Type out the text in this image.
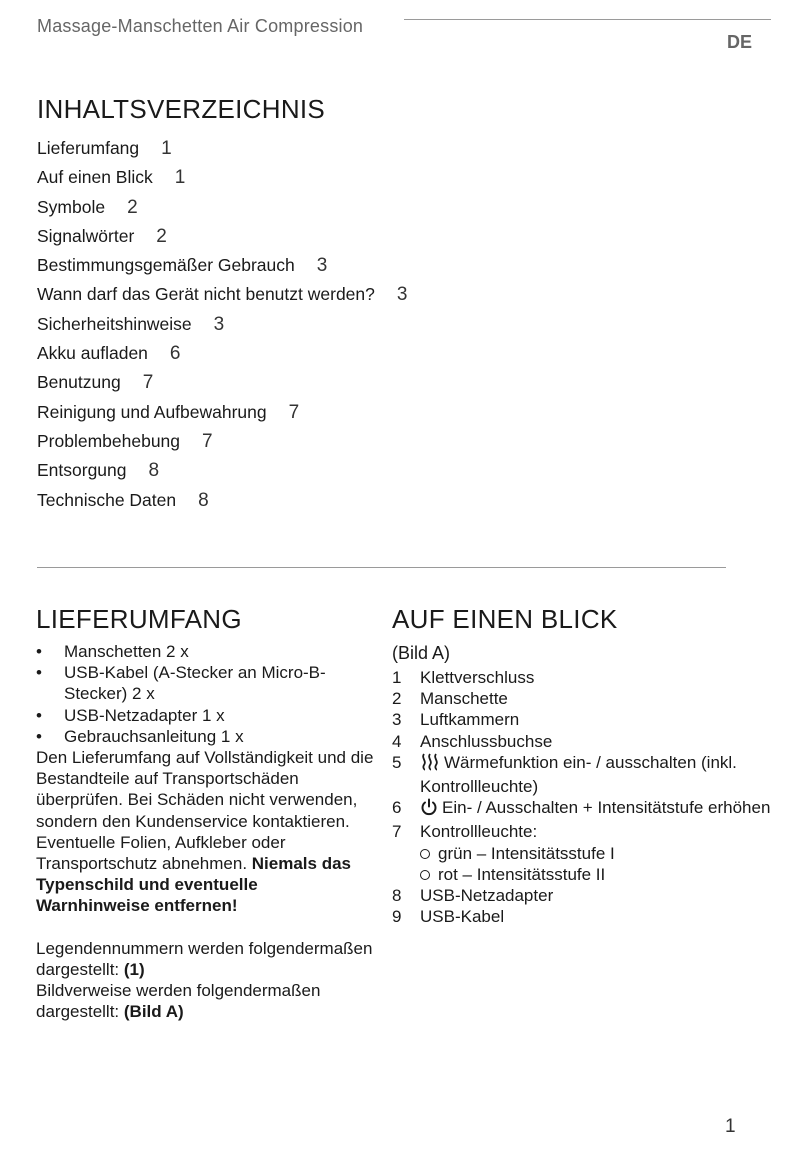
Massage-Manschetten Air Compression
DE
INHALTSVERZEICHNIS
Lieferumfang 1
Auf einen Blick 1
Symbole 2
Signalwörter 2
Bestimmungsgemäßer Gebrauch 3
Wann darf das Gerät nicht benutzt werden? 3
Sicherheitshinweise 3
Akku aufladen 6
Benutzung 7
Reinigung und Aufbewahrung 7
Problembehebung 7
Entsorgung 8
Technische Daten 8
LIEFERUMFANG
• Manschetten 2 x
• USB-Kabel (A-Stecker an Micro-B-Stecker) 2 x
• USB-Netzadapter 1 x
• Gebrauchsanleitung 1 x

Den Lieferumfang auf Vollständigkeit und die Bestandteile auf Transportschäden überprüfen. Bei Schäden nicht verwenden, sondern den Kundenservice kontaktieren.

Eventuelle Folien, Aufkleber oder Transportschutz abnehmen. Niemals das Typenschild und eventuelle Warnhinweise entfernen!

Legendennummern werden folgendermaßen dargestellt: (1)

Bildverweise werden folgendermaßen dargestellt: (Bild A)

AUF EINEN BLICK
(Bild A)
1 Klettverschluss
2 Manschette
3 Luftkammern
4 Anschlussbuchse
5	Wärmefunktion ein- / ausschalten (inkl. Kontrollleuchte)
6 Ein- / Ausschalten + Intensitätstufe erhöhen
7 Kontrollleuchte:
grün – Intensitätsstufe I
rot – Intensitätsstufe II
8 USB-Netzadapter
9 USB-Kabel
1
